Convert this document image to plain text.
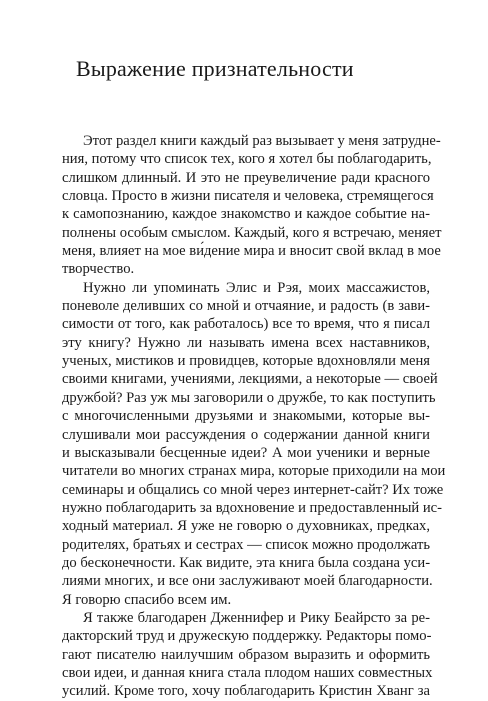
Выражение признательности
Этот раздел книги каждый раз вызывает у меня затрудне-
ния, потому что список тех, кого я хотел бы поблагодарить,
слишком длинный. И это не преувеличение ради красного
словца. Просто в жизни писателя и человека, стремящегося
к самопознанию, каждое знакомство и каждое событие на-
полнены особым смыслом. Каждый, кого я встречаю, меняет
меня, влияет на мое ви́дение мира и вносит свой вклад в мое
творчество.
Нужно ли упоминать Элис и Рэя, моих массажистов,
поневоле деливших со мной и отчаяние, и радость (в зави-
симости от того, как работалось) все то время, что я писал
эту книгу? Нужно ли называть имена всех наставников,
ученых, мистиков и провидцев, которые вдохновляли меня
своими книгами, учениями, лекциями, а некоторые — своей
дружбой? Раз уж мы заговорили о дружбе, то как поступить
с многочисленными друзьями и знакомыми, которые вы-
слушивали мои рассуждения о содержании данной книги
и высказывали бесценные идеи? А мои ученики и верные
читатели во многих странах мира, которые приходили на мои
семинары и общались со мной через интернет-сайт? Их тоже
нужно поблагодарить за вдохновение и предоставленный ис-
ходный материал. Я уже не говорю о духовниках, предках,
родителях, братьях и сестрах — список можно продолжать
до бесконечности. Как видите, эта книга была создана уси-
лиями многих, и все они заслуживают моей благодарности.
Я говорю спасибо всем им.
Я также благодарен Дженнифер и Рику Беайрсто за ре-
дакторский труд и дружескую поддержку. Редакторы помо-
гают писателю наилучшим образом выразить и оформить
свои идеи, и данная книга стала плодом наших совместных
усилий. Кроме того, хочу поблагодарить Кристин Хванг за
